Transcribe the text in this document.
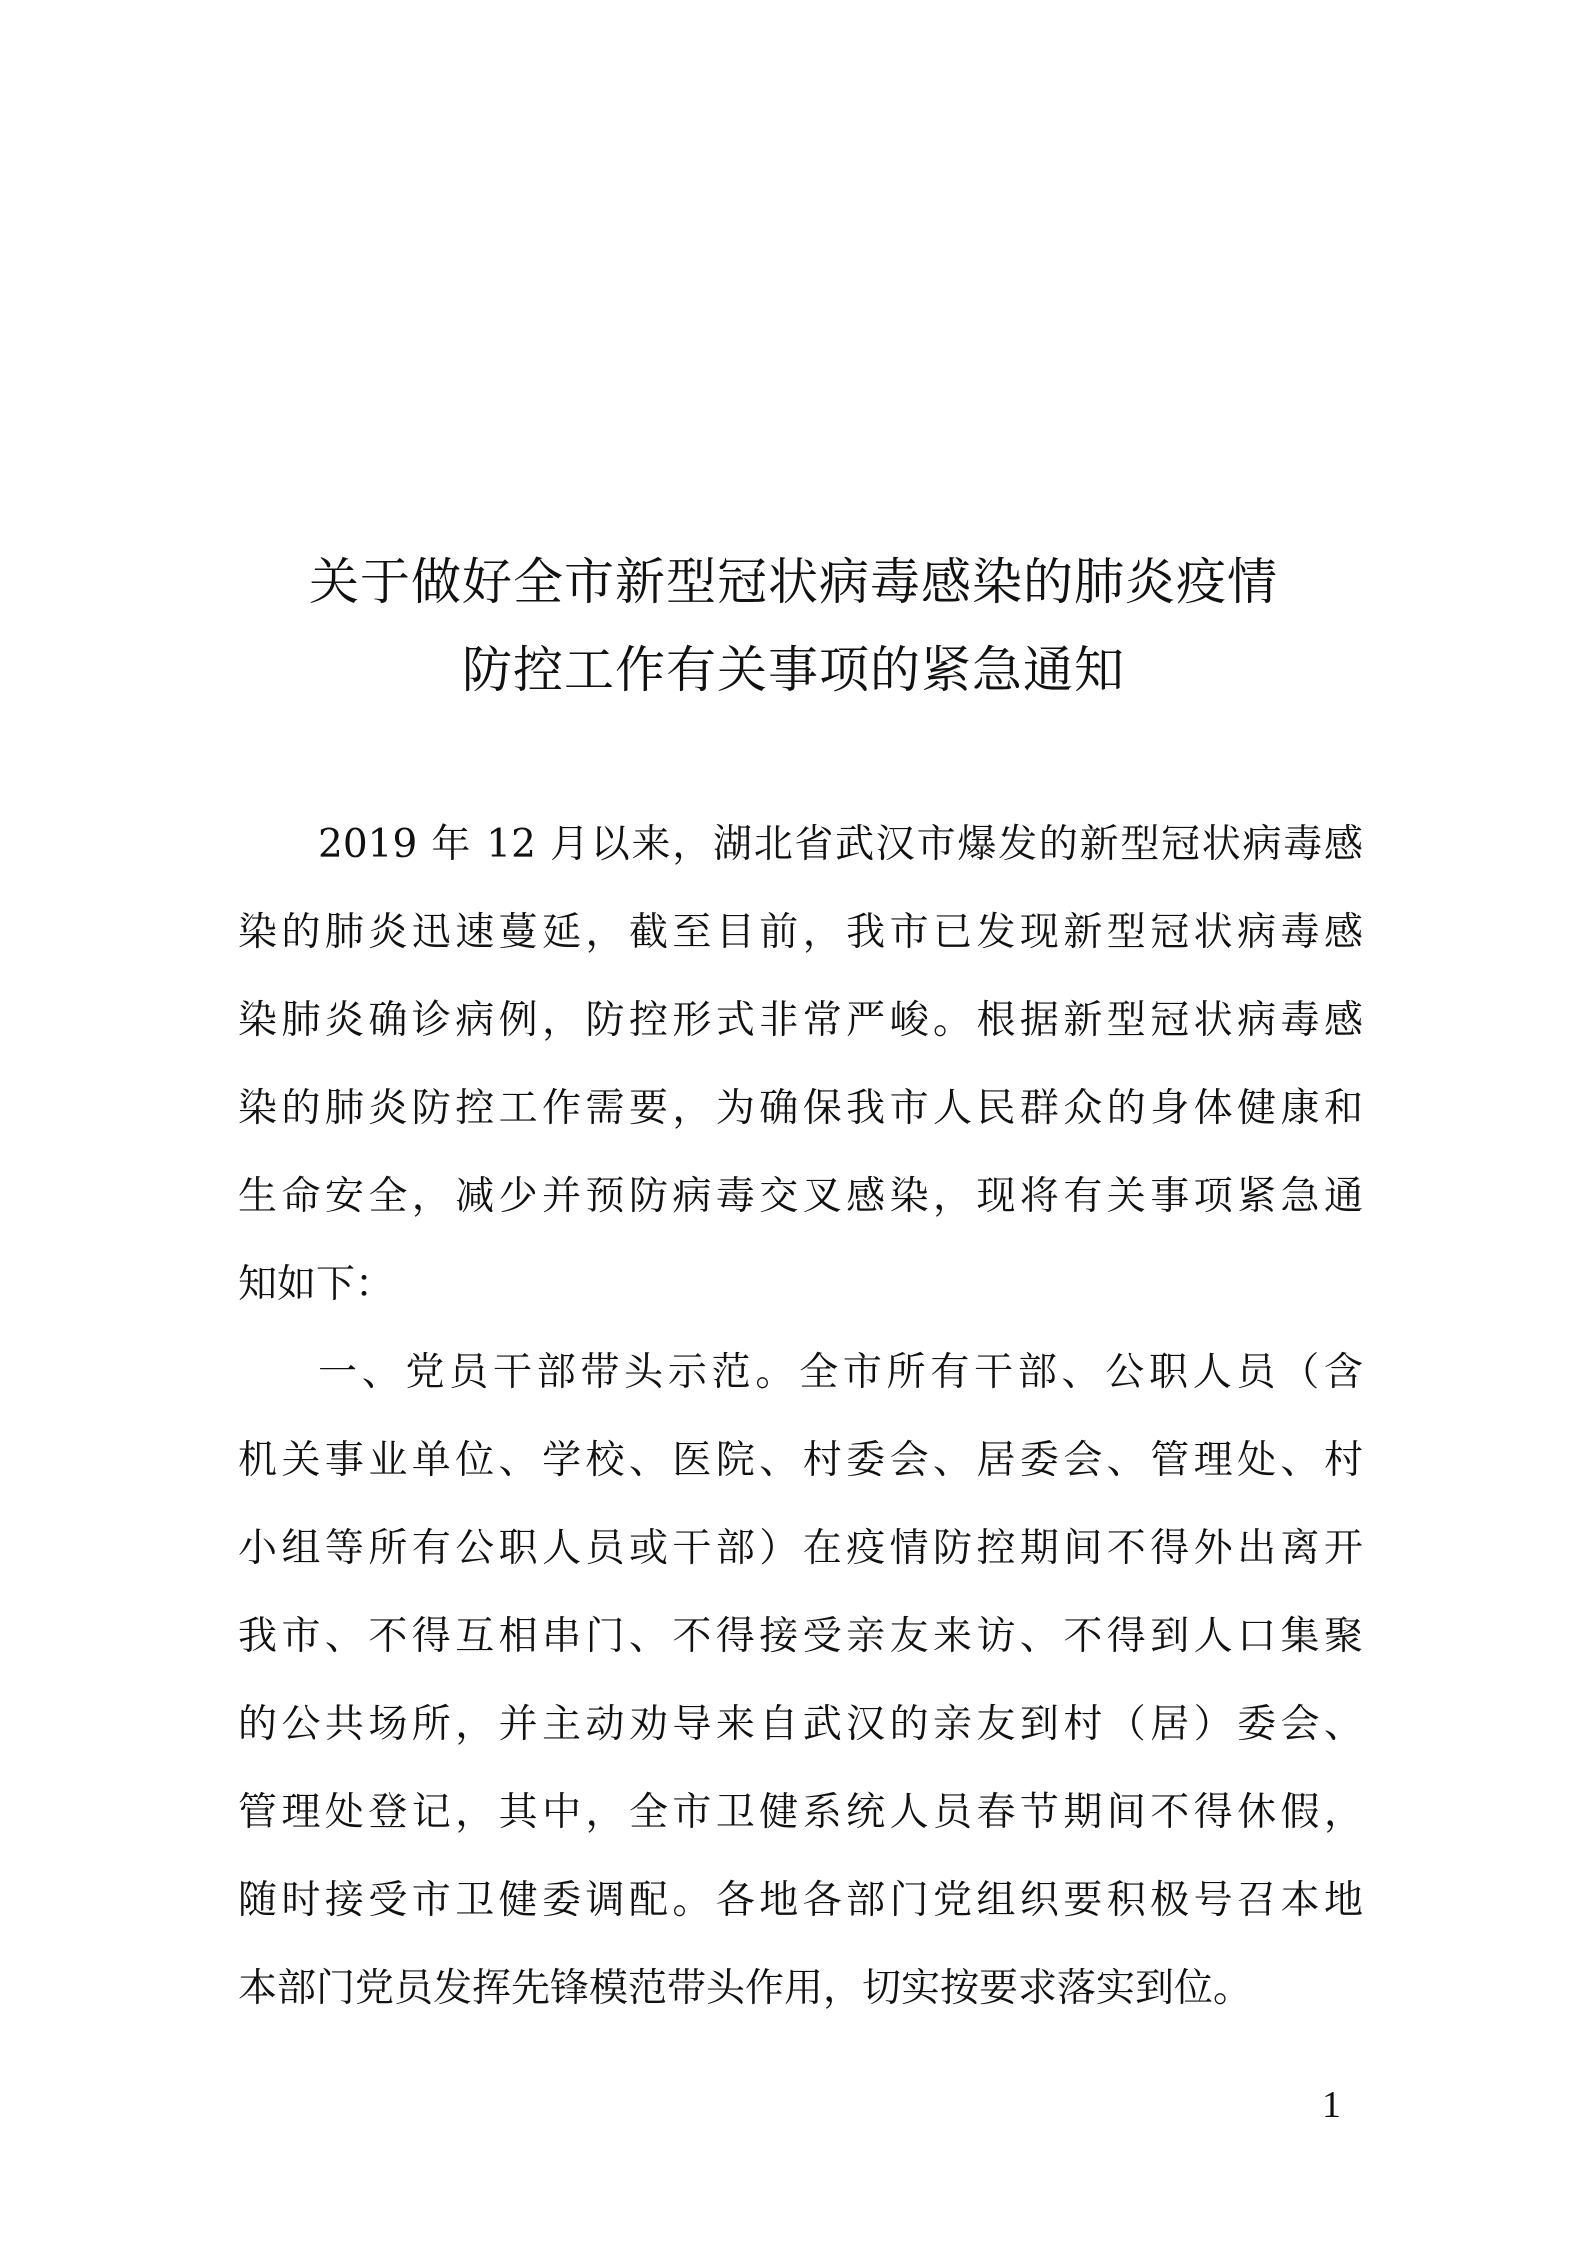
关于做好全市新型冠状病毒感染的肺炎疫情
防控工作有关事项的紧急通知
2019 年 12 月以来，湖北省武汉市爆发的新型冠状病毒感
染的肺炎迅速蔓延，截至目前，我市已发现新型冠状病毒感
染肺炎确诊病例，防控形式非常严峻。根据新型冠状病毒感
染的肺炎防控工作需要，为确保我市人民群众的身体健康和
生命安全，减少并预防病毒交叉感染，现将有关事项紧急通
知如下：
一、党员干部带头示范。全市所有干部、公职人员（含
机关事业单位、学校、医院、村委会、居委会、管理处、村
小组等所有公职人员或干部）在疫情防控期间不得外出离开
我市、不得互相串门、不得接受亲友来访、不得到人口集聚
的公共场所，并主动劝导来自武汉的亲友到村（居）委会、
管理处登记，其中，全市卫健系统人员春节期间不得休假，
随时接受市卫健委调配。各地各部门党组织要积极号召本地
本部门党员发挥先锋模范带头作用，切实按要求落实到位。
1
